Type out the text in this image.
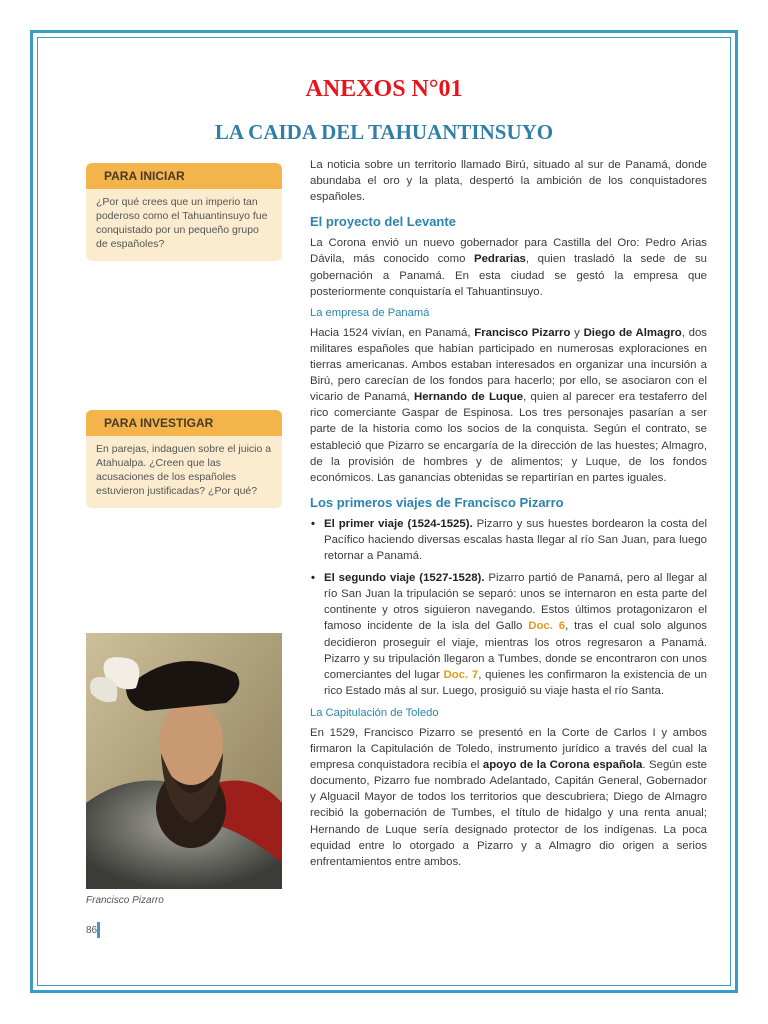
ANEXOS N°01
LA CAIDA DEL TAHUANTINSUYO
PARA INICIAR
¿Por qué crees que un imperio tan poderoso como el Tahuantinsuyo fue conquistado por un pequeño grupo de españoles?
PARA INVESTIGAR
En parejas, indaguen sobre el juicio a Atahualpa. ¿Creen que las acusaciones de los españoles estuvieron justificadas? ¿Por qué?
Francisco Pizarro

La noticia sobre un territorio llamado Birú, situado al sur de Panamá, donde abundaba el oro y la plata, despertó la ambición de los conquistadores españoles.

El proyecto del Levante

La Corona envió un nuevo gobernador para Castilla del Oro: Pedro Arias Dávila, más conocido como Pedrarias, quien trasladó la sede de su gobernación a Panamá. En esta ciudad se gestó la empresa que posteriormente conquistaría el Tahuantinsuyo.

La empresa de Panamá

Hacia 1524 vivían, en Panamá, Francisco Pizarro y Diego de Almagro, dos militares españoles que habían participado en numerosas exploraciones en tierras americanas. Ambos estaban interesados en organizar una incursión a Birú, pero carecían de los fondos para hacerlo; por ello, se asociaron con el vicario de Panamá, Hernando de Luque, quien al parecer era testaferro del rico comerciante Gaspar de Espinosa. Los tres personajes pasarían a ser parte de la historia como los socios de la conquista. Según el contrato, se estableció que Pizarro se encargaría de la dirección de las huestes; Almagro, de la provisión de hombres y de alimentos; y Luque, de los fondos económicos. Las ganancias obtenidas se repartirían en partes iguales.

Los primeros viajes de Francisco Pizarro

• El primer viaje (1524-1525). Pizarro y sus huestes bordearon la costa del Pacífico haciendo diversas escalas hasta llegar al río San Juan, para luego retornar a Panamá.
• El segundo viaje (1527-1528). Pizarro partió de Panamá, pero al llegar al río San Juan la tripulación se separó: unos se internaron en esta parte del continente y otros siguieron navegando. Estos últimos protagonizaron el famoso incidente de la isla del Gallo Doc. 6, tras el cual solo algunos decidieron proseguir el viaje, mientras los otros regresaron a Panamá. Pizarro y su tripulación llegaron a Tumbes, donde se encontraron con unos comerciantes del lugar Doc. 7, quienes les confirmaron la existencia de un rico Estado más al sur. Luego, prosiguió su viaje hasta el río Santa.

La Capitulación de Toledo

En 1529, Francisco Pizarro se presentó en la Corte de Carlos I y ambos firmaron la Capitulación de Toledo, instrumento jurídico a través del cual la empresa conquistadora recibía el apoyo de la Corona española. Según este documento, Pizarro fue nombrado Adelantado, Capitán General, Gobernador y Alguacil Mayor de todos los territorios que descubriera; Diego de Almagro recibió la gobernación de Tumbes, el título de hidalgo y una renta anual; Hernando de Luque sería designado protector de los indígenas. La poca equidad entre lo otorgado a Pizarro y a Almagro dio origen a serios enfrentamientos entre ambos.

86
